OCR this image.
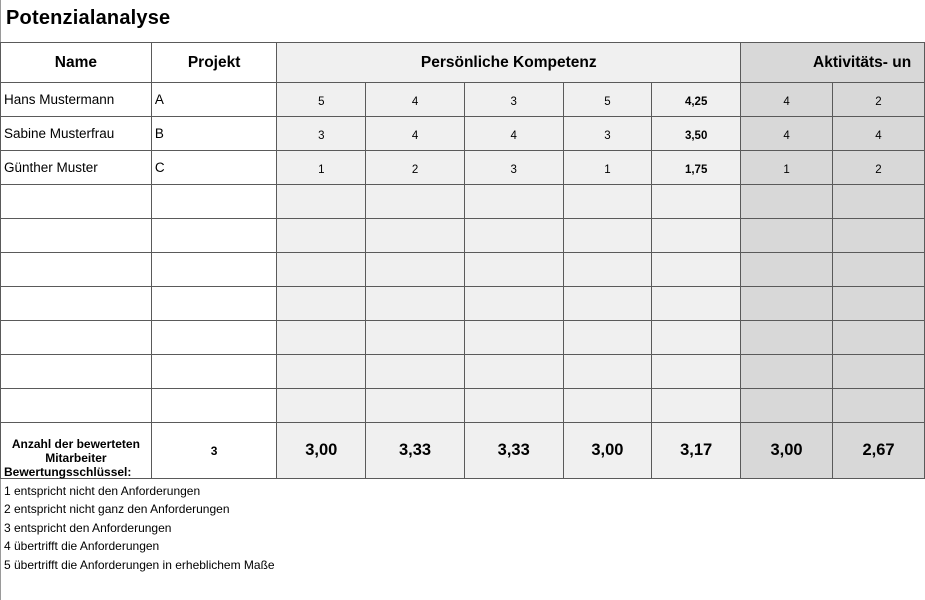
Potenzialanalyse
Name	Projekt	Persönliche Kompetenz					Aktivitäts- un	
Hans Mustermann	A	5	4	3	5	4,25	4	2
Sabine Musterfrau	B	3	4	4	3	3,50	4	4
Günther Muster	C	1	2	3	1	1,75	1	2

Anzahl der bewerteten Mitarbeiter	3	3,00	3,33	3,33	3,00	3,17	3,00	2,67
Bewertungsschlüssel:
1 entspricht nicht den Anforderungen
2 entspricht nicht ganz den Anforderungen
3 entspricht den Anforderungen
4 übertrifft die Anforderungen
5 übertrifft die Anforderungen in erheblichem Maße
